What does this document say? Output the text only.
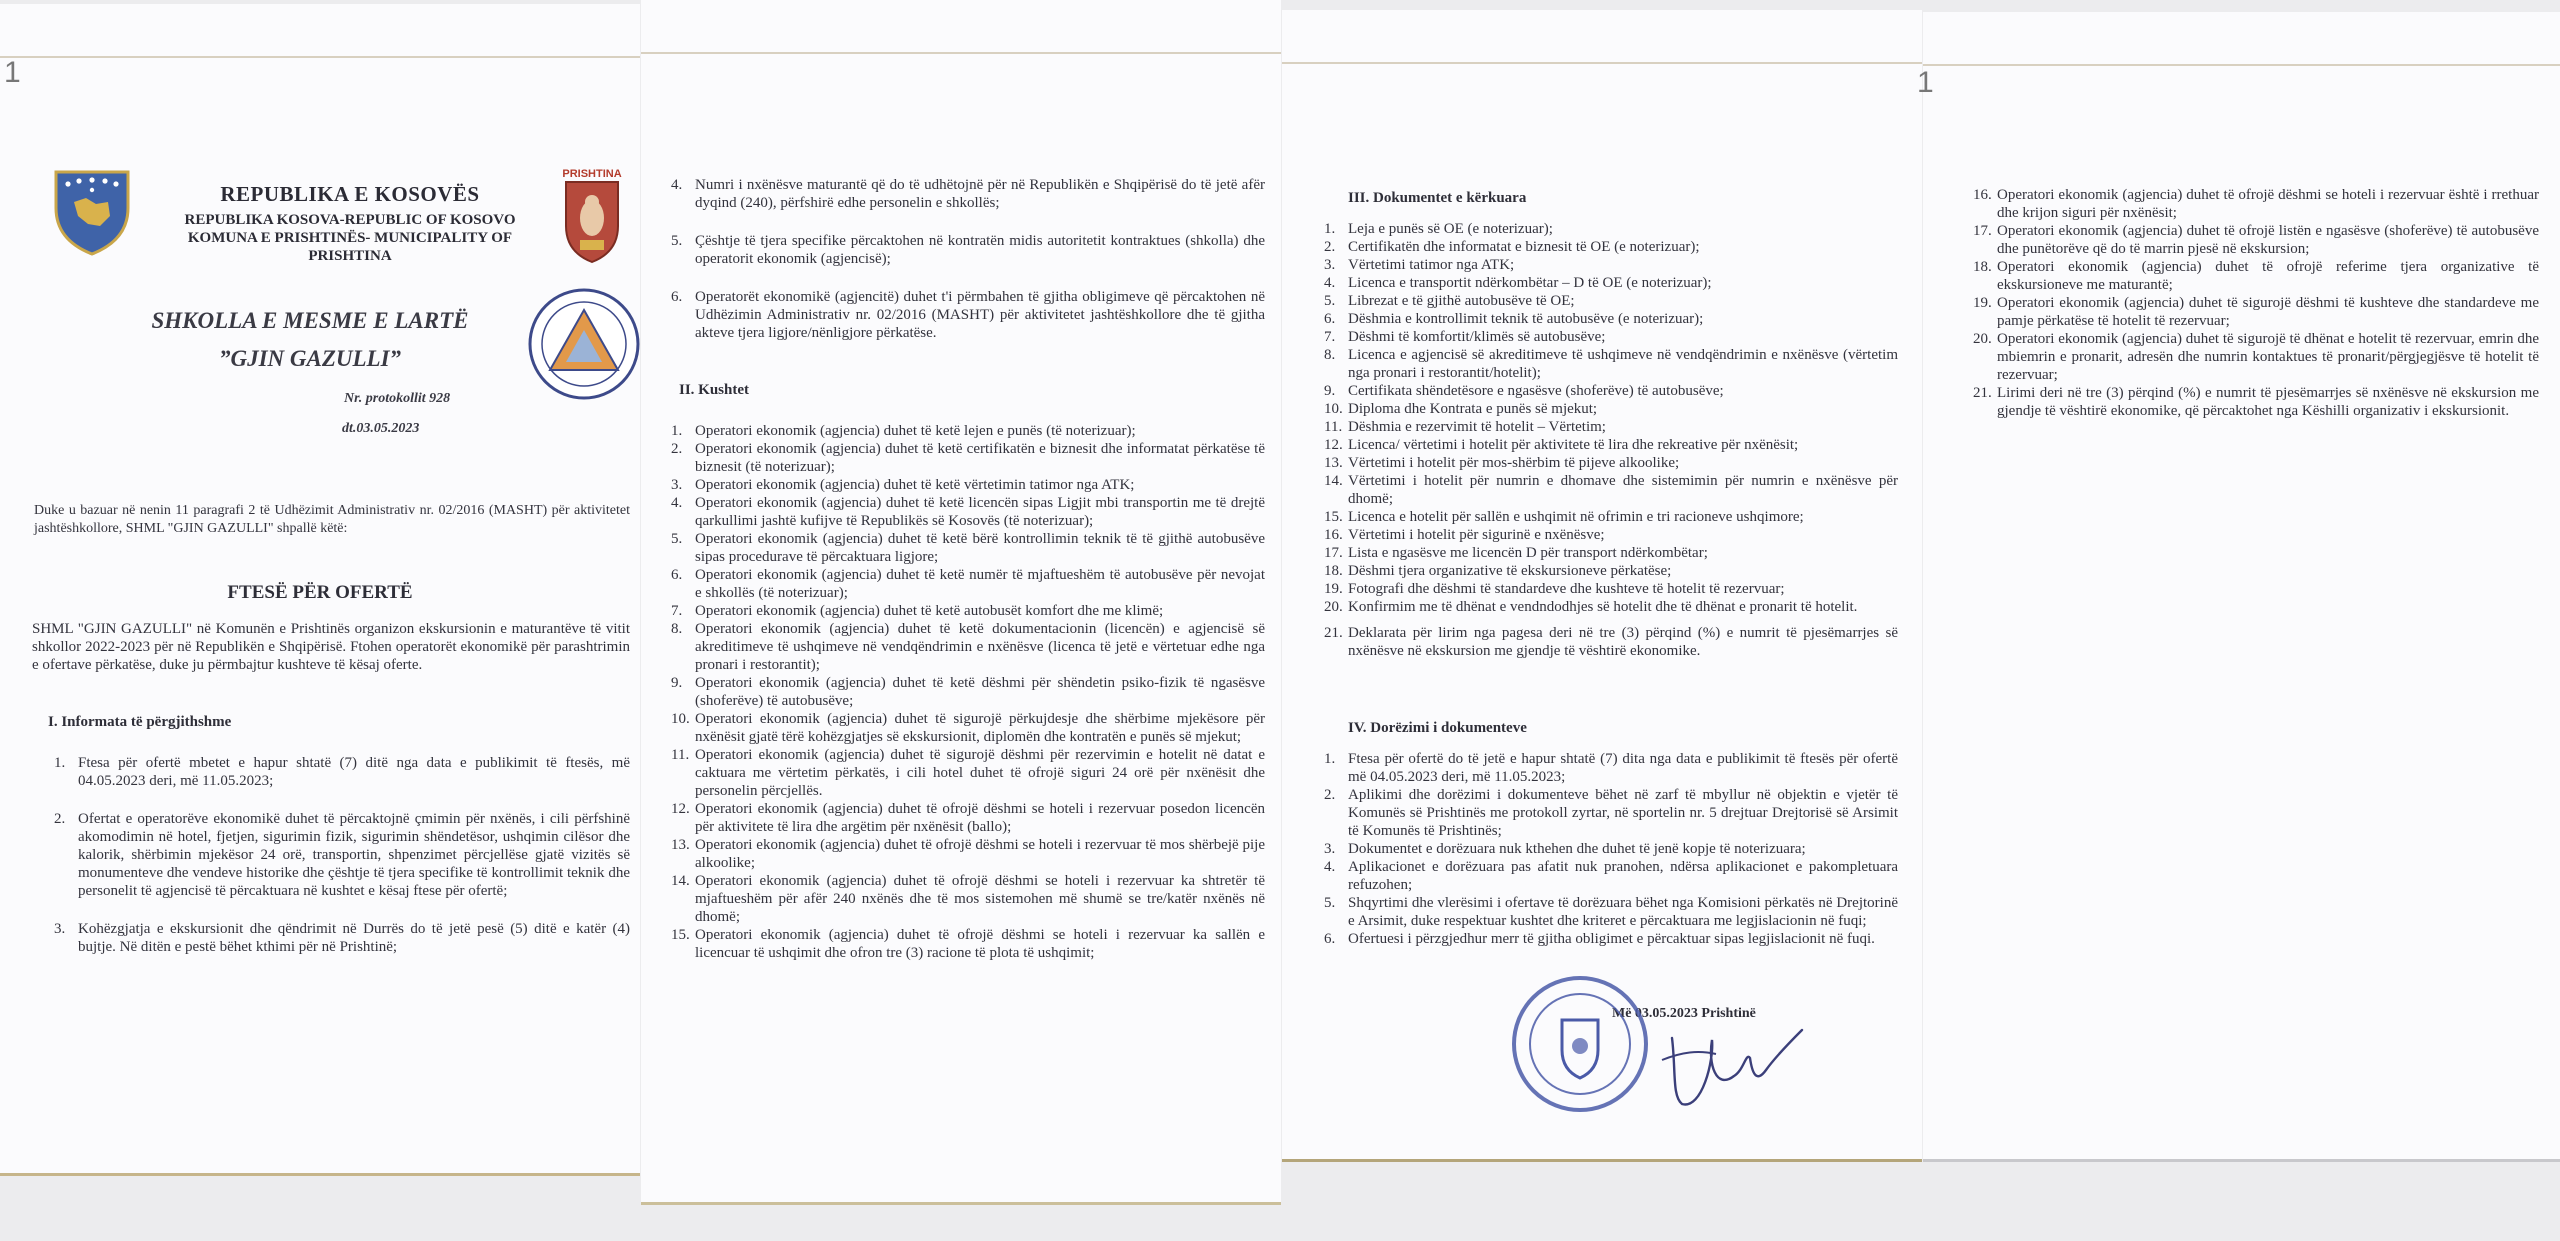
1
REPUBLIKA E KOSOVËS
REPUBLIKA KOSOVA-REPUBLIC OF KOSOVO
KOMUNA E PRISHTINËS- MUNICIPALITY OF PRISHTINA
PRISHTINA
SHKOLLA E MESME E LARTË
”GJIN GAZULLI”
Nr. protokollit 928
dt.03.05.2023

Duke u bazuar në nenin 11 paragrafi 2 të Udhëzimit Administrativ nr. 02/2016 (MASHT) për aktivitetet jashtëshkollore, SHML "GJIN GAZULLI" shpallë këtë:

FTESË PËR OFERTË

SHML "GJIN GAZULLI" në Komunën e Prishtinës organizon ekskursionin e maturantëve të vitit shkollor 2022-2023 për në Republikën e Shqipërisë. Ftohen operatorët ekonomikë për parashtrimin e ofertave përkatëse, duke ju përmbajtur kushteve të kësaj oferte.

I. Informata të përgjithshme
1. Ftesa për ofertë mbetet e hapur shtatë (7) ditë nga data e publikimit të ftesës, më 04.05.2023 deri, më 11.05.2023;
2. Ofertat e operatorëve ekonomikë duhet të përcaktojnë çmimin për nxënës, i cili përfshinë akomodimin në hotel, fjetjen, sigurimin fizik, sigurimin shëndetësor, ushqimin cilësor dhe kalorik, shërbimin mjekësor 24 orë, transportin, shpenzimet përcjellëse gjatë vizitës së monumenteve dhe vendeve historike dhe çështje të tjera specifike të kontrollimit teknik dhe personelit të agjencisë të përcaktuara në kushtet e kësaj ftese për ofertë;
3. Kohëzgjatja e ekskursionit dhe qëndrimit në Durrës do të jetë pesë (5) ditë e katër (4) bujtje. Në ditën e pestë bëhet kthimi për në Prishtinë;
4. Numri i nxënësve maturantë që do të udhëtojnë për në Republikën e Shqipërisë do të jetë afër dyqind (240), përfshirë edhe personelin e shkollës;
5. Çështje të tjera specifike përcaktohen në kontratën midis autoritetit kontraktues (shkolla) dhe operatorit ekonomik (agjencisë);
6. Operatorët ekonomikë (agjencitë) duhet t'i përmbahen të gjitha obligimeve që përcaktohen në Udhëzimin Administrativ nr. 02/2016 (MASHT) për aktivitetet jashtëshkollore dhe të gjitha akteve tjera ligjore/nënligjore përkatëse.
II. Kushtet
1. Operatori ekonomik (agjencia) duhet të ketë lejen e punës (të noterizuar);
2. Operatori ekonomik (agjencia) duhet të ketë certifikatën e biznesit dhe informatat përkatëse të biznesit (të noterizuar);
3. Operatori ekonomik (agjencia) duhet të ketë vërtetimin tatimor nga ATK;
4. Operatori ekonomik (agjencia) duhet të ketë licencën sipas Ligjit mbi transportin me të drejtë qarkullimi jashtë kufijve të Republikës së Kosovës (të noterizuar);
5. Operatori ekonomik (agjencia) duhet të ketë bërë kontrollimin teknik të të gjithë autobusëve sipas procedurave të përcaktuara ligjore;
6. Operatori ekonomik (agjencia) duhet të ketë numër të mjaftueshëm të autobusëve për nevojat e shkollës (të noterizuar);
7. Operatori ekonomik (agjencia) duhet të ketë autobusët komfort dhe me klimë;
8. Operatori ekonomik (agjencia) duhet të ketë dokumentacionin (licencën) e agjencisë së akreditimeve të ushqimeve në vendqëndrimin e nxënësve (licenca të jetë e vërtetuar edhe nga pronari i restorantit);
9. Operatori ekonomik (agjencia) duhet të ketë dëshmi për shëndetin psiko-fizik të ngasësve (shoferëve) të autobusëve;
10. Operatori ekonomik (agjencia) duhet të sigurojë përkujdesje dhe shërbime mjekësore për nxënësit gjatë tërë kohëzgjatjes së ekskursionit, diplomën dhe kontratën e punës së mjekut;
11. Operatori ekonomik (agjencia) duhet të sigurojë dëshmi për rezervimin e hotelit në datat e caktuara me vërtetim përkatës, i cili hotel duhet të ofrojë siguri 24 orë për nxënësit dhe personelin përcjellës.
12. Operatori ekonomik (agjencia) duhet të ofrojë dëshmi se hoteli i rezervuar posedon licencën për aktivitete të lira dhe argëtim për nxënësit (ballo);
13. Operatori ekonomik (agjencia) duhet të ofrojë dëshmi se hoteli i rezervuar të mos shërbejë pije alkoolike;
14. Operatori ekonomik (agjencia) duhet të ofrojë dëshmi se hoteli i rezervuar ka shtretër të mjaftueshëm për afër 240 nxënës dhe të mos sistemohen më shumë se tre/katër nxënës në dhomë;
15. Operatori ekonomik (agjencia) duhet të ofrojë dëshmi se hoteli i rezervuar ka sallën e licencuar të ushqimit dhe ofron tre (3) racione të plota të ushqimit;
III. Dokumentet e kërkuara
1. Leja e punës së OE (e noterizuar);
2. Certifikatën dhe informatat e biznesit të OE (e noterizuar);
3. Vërtetimi tatimor nga ATK;
4. Licenca e transportit ndërkombëtar – D të OE (e noterizuar);
5. Librezat e të gjithë autobusëve të OE;
6. Dëshmia e kontrollimit teknik të autobusëve (e noterizuar);
7. Dëshmi të komfortit/klimës së autobusëve;
8. Licenca e agjencisë së akreditimeve të ushqimeve në vendqëndrimin e nxënësve (vërtetim nga pronari i restorantit/hotelit);
9. Certifikata shëndetësore e ngasësve (shoferëve) të autobusëve;
10. Diploma dhe Kontrata e punës së mjekut;
11. Dëshmia e rezervimit të hotelit – Vërtetim;
12. Licenca/ vërtetimi i hotelit për aktivitete të lira dhe rekreative për nxënësit;
13. Vërtetimi i hotelit për mos-shërbim të pijeve alkoolike;
14. Vërtetimi i hotelit për numrin e dhomave dhe sistemimin për numrin e nxënësve për dhomë;
15. Licenca e hotelit për sallën e ushqimit në ofrimin e tri racioneve ushqimore;
16. Vërtetimi i hotelit për sigurinë e nxënësve;
17. Lista e ngasësve me licencën D për transport ndërkombëtar;
18. Dëshmi tjera organizative të ekskursioneve përkatëse;
19. Fotografi dhe dëshmi të standardeve dhe kushteve të hotelit të rezervuar;
20. Konfirmim me të dhënat e vendndodhjes së hotelit dhe të dhënat e pronarit të hotelit.
21. Deklarata për lirim nga pagesa deri në tre (3) përqind (%) e numrit të pjesëmarrjes së nxënësve në ekskursion me gjendje të vështirë ekonomike.
IV. Dorëzimi i dokumenteve
1. Ftesa për ofertë do të jetë e hapur shtatë (7) dita nga data e publikimit të ftesës për ofertë më 04.05.2023 deri, më 11.05.2023;
2. Aplikimi dhe dorëzimi i dokumenteve bëhet në zarf të mbyllur në objektin e vjetër të Komunës së Prishtinës me protokoll zyrtar, në sportelin nr. 5 drejtuar Drejtorisë së Arsimit të Komunës të Prishtinës;
3. Dokumentet e dorëzuara nuk kthehen dhe duhet të jenë kopje të noterizuara;
4. Aplikacionet e dorëzuara pas afatit nuk pranohen, ndërsa aplikacionet e pakompletuara refuzohen;
5. Shqyrtimi dhe vlerësimi i ofertave të dorëzuara bëhet nga Komisioni përkatës në Drejtorinë e Arsimit, duke respektuar kushtet dhe kriteret e përcaktuara me legjislacionin në fuqi;
6. Ofertuesi i përzgjedhur merr të gjitha obligimet e përcaktuar sipas legjislacionit në fuqi.
Më 03.05.2023 Prishtinë
1
16. Operatori ekonomik (agjencia) duhet të ofrojë dëshmi se hoteli i rezervuar është i rrethuar dhe krijon siguri për nxënësit;
17. Operatori ekonomik (agjencia) duhet të ofrojë listën e ngasësve (shoferëve) të autobusëve dhe punëtorëve që do të marrin pjesë në ekskursion;
18. Operatori ekonomik (agjencia) duhet të ofrojë referime tjera organizative të ekskursioneve me maturantë;
19. Operatori ekonomik (agjencia) duhet të sigurojë dëshmi të kushteve dhe standardeve me pamje përkatëse të hotelit të rezervuar;
20. Operatori ekonomik (agjencia) duhet të sigurojë të dhënat e hotelit të rezervuar, emrin dhe mbiemrin e pronarit, adresën dhe numrin kontaktues të pronarit/përgjegjësve të hotelit të rezervuar;
21. Lirimi deri në tre (3) përqind (%) e numrit të pjesëmarrjes së nxënësve në ekskursion me gjendje të vështirë ekonomike, që përcaktohet nga Këshilli organizativ i ekskursionit.
